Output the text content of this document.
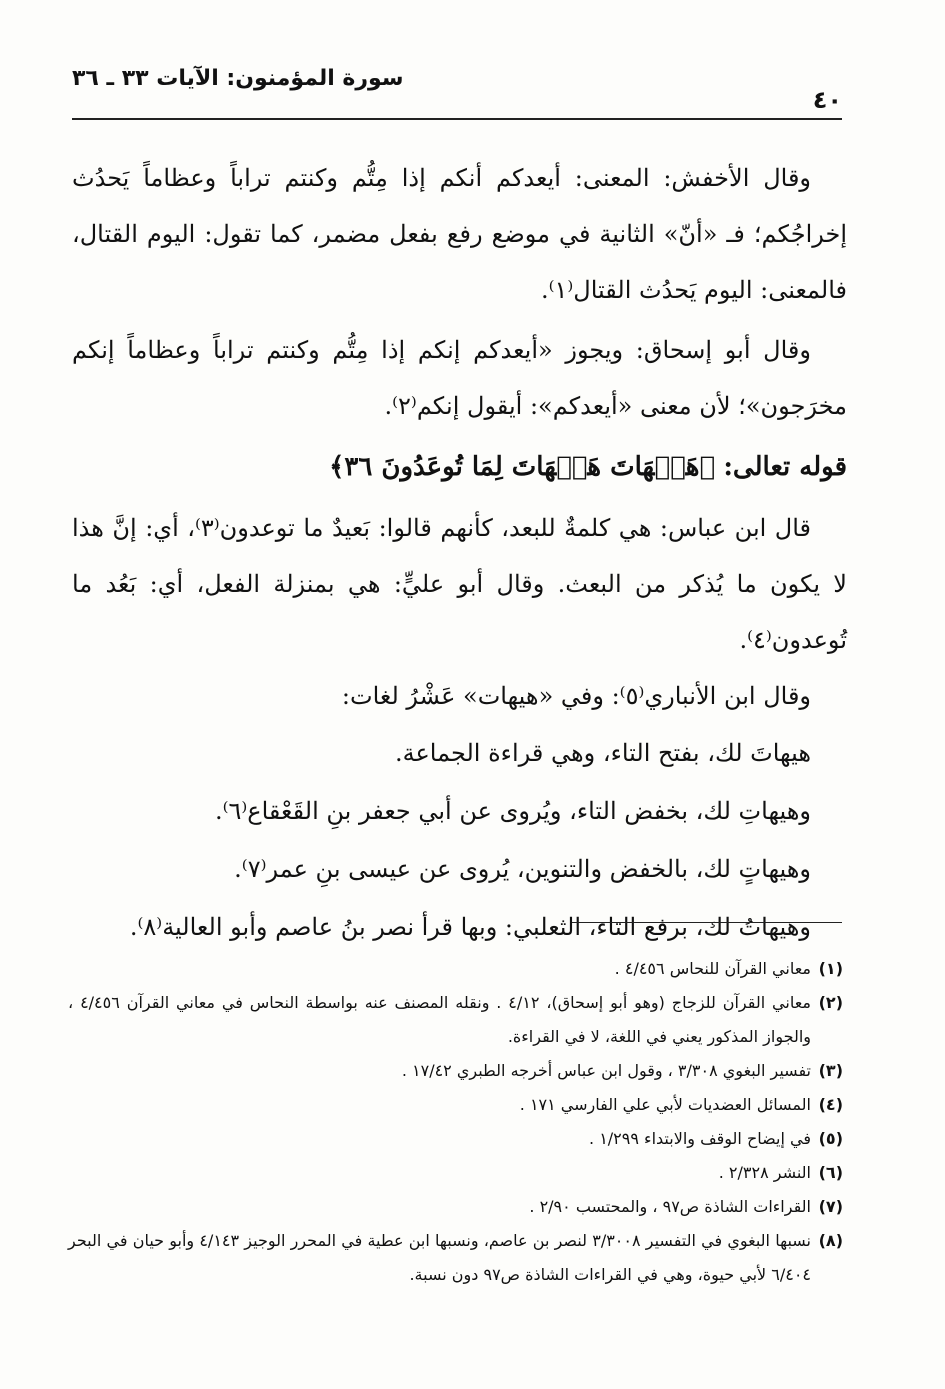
سورة المؤمنون: الآيات ٣٣ ـ ٣٦
٤٠

وقال الأخفش: المعنى: أيعدكم أنكم إذا مِتُّم وكنتم تراباً وعظاماً يَحدُث إخراجُكم؛ فـ «أنّ» الثانية في موضع رفع بفعل مضمر، كما تقول: اليوم القتال، فالمعنى: اليوم يَحدُث القتال⁽١⁾.

وقال أبو إسحاق: ويجوز «أيعدكم إنكم إذا مِتُّم وكنتم تراباً وعظاماً إنكم مخرَجون»؛ لأن معنى «أيعدكم»: أيقول إنكم⁽٢⁾.

قوله تعالى: ﴿هَيۡهَاتَ هَيۡهَاتَ لِمَا تُوعَدُونَ ٣٦﴾

قال ابن عباس: هي كلمةٌ للبعد، كأنهم قالوا: بَعيدٌ ما توعدون⁽٣⁾، أي: إنَّ هذا لا يكون ما يُذكر من البعث. وقال أبو عليٍّ: هي بمنزلة الفعل، أي: بَعُد ما تُوعدون⁽٤⁾.

وقال ابن الأنباري⁽٥⁾: وفي «هيهات» عَشْرُ لغات:

هيهاتَ لك، بفتح التاء، وهي قراءة الجماعة.
وهيهاتِ لك، بخفض التاء، ويُروى عن أبي جعفر بنِ القَعْقاع⁽٦⁾.
وهيهاتٍ لك، بالخفض والتنوين، يُروى عن عيسى بنِ عمر⁽٧⁾.
وهيهاتُ لك، برفع التاء، الثعلبي: وبها قرأ نصر بنُ عاصم وأبو العالية⁽٨⁾.
(١)
معاني القرآن للنحاس ٤/٤٥٦ .
(٢)
معاني القرآن للزجاج (وهو أبو إسحاق)، ٤/١٢ . ونقله المصنف عنه بواسطة النحاس في معاني القرآن ٤/٤٥٦ ، والجواز المذكور يعني في اللغة، لا في القراءة.
(٣)
تفسير البغوي ٣/٣٠٨ ، وقول ابن عباس أخرجه الطبري ١٧/٤٢ .
(٤)
المسائل العضديات لأبي علي الفارسي ١٧١ .
(٥)
في إيضاح الوقف والابتداء ١/٢٩٩ .
(٦)
النشر ٢/٣٢٨ .
(٧)
القراءات الشاذة ص٩٧ ، والمحتسب ٢/٩٠ .
(٨)
نسبها البغوي في التفسير ٣/٣٠٠٨ لنصر بن عاصم، ونسبها ابن عطية في المحرر الوجيز ٤/١٤٣ وأبو حيان في البحر ٦/٤٠٤ لأبي حيوة، وهي في القراءات الشاذة ص٩٧ دون نسبة.
